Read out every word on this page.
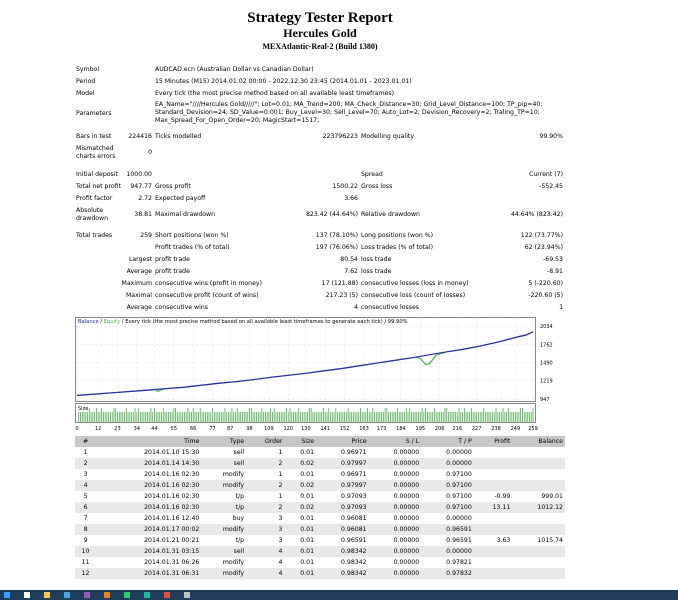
Strategy Tester Report
Hercules Gold
MEXAtlantic-Real-2 (Build 1380)
Symbol	AUDCAD.ecn (Australian Dollar vs Canadian Dollar)
Period	15 Minutes (M15) 2014.01.02 00:00 - 2022.12.30 23:45 (2014.01.01 - 2023.01.01)
Model	Every tick (the most precise method based on all available least timeframes)
Parameters
EA_Name="////Hercules Gold/////"; Lot=0.01; MA_Trend=200; MA_Check_Distance=30; Grid_Level_Distance=100; TP_pip=40;
Standard_Devision=24; SD_Value=0.001; Buy_Level=30; Sell_Level=70; Auto_Lot=2; Devision_Recovery=2; Traling_TP=10;
Max_Spread_For_Open_Order=20; MagicStart=1517;
Bars in test	224416 Ticks modelled	223796223 Modelling quality	99.90%
Mismatched
charts errors
0
Initial deposit	1000.00	Spread	Current (7)
Total net profit	947.77 Gross profit	1500.22 Gross loss	-552.45
Profit factor	2.72 Expected payoff	3.66
Absolute
drawdown
38.81 Maximal drawdown	823.42 (44.64%) Relative drawdown	44.64% (823.42)
Total trades	259 Short positions (won %)	137 (78.10%) Long positions (won %)	122 (73.77%)
Profit trades (% of total)	197 (76.06%) Loss trades (% of total)	62 (23.94%)
Largest profit trade	80.54 loss trade	-69.53
Average profit trade	7.62 loss trade	-8.91
Maximum consecutive wins (profit in money)	17 (121.88) consecutive losses (loss in money)	5 (-220.60)
Maximal consecutive profit (count of wins)	217.23 (5) consecutive loss (count of losses)	-220.60 (5)
Average consecutive wins	4 consecutive losses	1
Balance / Equity / Every tick (the most precise method based on all available least timeframes to generate each tick) / 99.90%
Size
2034
1762
1490
1219
947
0	12	23	34 44	55	66	77 87	98 109 120 130 141 152 163 173 184 195 206 216 227 238 249 259
#	Time	Type	Order	Size	Price	S / L	T / P	Profit	Balance
1	2014.01.10 15:30	sell	1	0.01	0.96971	0.00000	0.00000		
2	2014.01.14 14:30	sell	2	0.02	0.97997	0.00000	0.00000		
3	2014.01.16 02:30	modify	1	0.01	0.96971	0.00000	0.97100		
4	2014.01.16 02:30	modify	2	0.02	0.97997	0.00000	0.97100		
5	2014.01.16 02:30	t/p	1	0.01	0.97093	0.00000	0.97100	-0.99	999.01
6	2014.01.16 02:30	t/p	2	0.02	0.97093	0.00000	0.97100	13.11	1012.12
7	2014.01.16 12:40	buy	3	0.01	0.96081	0.00000	0.00000		
8	2014.01.17 00:02	modify	3	0.01	0.96081	0.00000	0.96591		
9	2014.01.21 00:21	t/p	3	0.01	0.96591	0.00000	0.96591	3.63	1015.74
10	2014.01.31 03:15	sell	4	0.01	0.98342	0.00000	0.00000		
11	2014.01.31 06:26	modify	4	0.01	0.98342	0.00000	0.97821		
12	2014.01.31 06:31	modify	4	0.01	0.98342	0.00000	0.97832		
